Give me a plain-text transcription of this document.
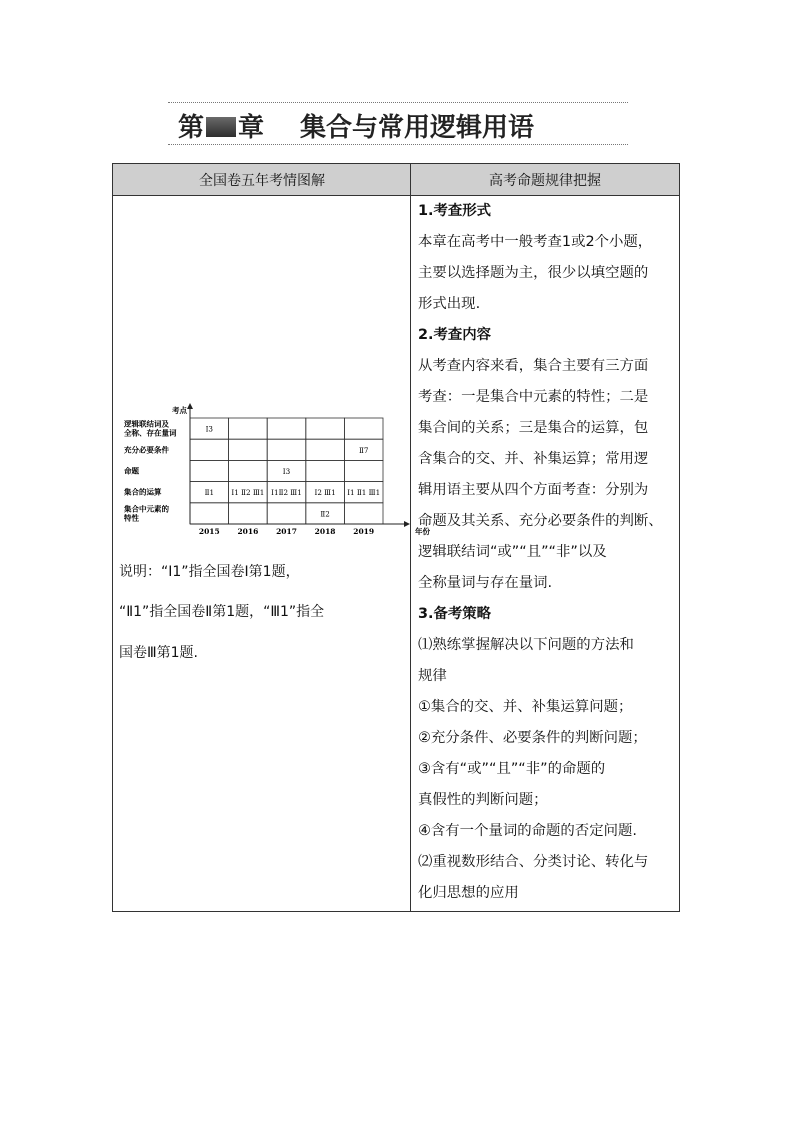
第 章 集合与常用逻辑用语
全国卷五年考情图解	高考命题规律把握
考点
年份
逻辑联结词及全称、存在量词
充分必要条件
命题
集合的运算
集合中元素的特性
2015 2016 2017 2018 2019
Ⅰ3
Ⅱ7
Ⅰ3
Ⅱ1 Ⅰ1 Ⅱ2 Ⅲ1 Ⅰ1Ⅱ2 Ⅲ1 Ⅰ2 Ⅲ1 Ⅰ1 Ⅱ1 Ⅲ1
Ⅱ2
说明：“Ⅰ1”指全国卷Ⅰ第1题，
“Ⅱ1”指全国卷Ⅱ第1题，“Ⅲ1”指全
国卷Ⅲ第1题.
1.考查形式
本章在高考中一般考查1或2个小题，
主要以选择题为主，很少以填空题的
形式出现.
2.考查内容
从考查内容来看，集合主要有三方面
考查：一是集合中元素的特性；二是
集合间的关系；三是集合的运算，包
含集合的交、并、补集运算；常用逻
辑用语主要从四个方面考查：分别为
命题及其关系、充分必要条件的判断、
逻辑联结词“或”“且”“非”以及
全称量词与存在量词.
3.备考策略
⑴熟练掌握解决以下问题的方法和
规律
①集合的交、并、补集运算问题；
②充分条件、必要条件的判断问题；
③含有“或”“且”“非”的命题的
真假性的判断问题；
④含有一个量词的命题的否定问题.
⑵重视数形结合、分类讨论、转化与
化归思想的应用
